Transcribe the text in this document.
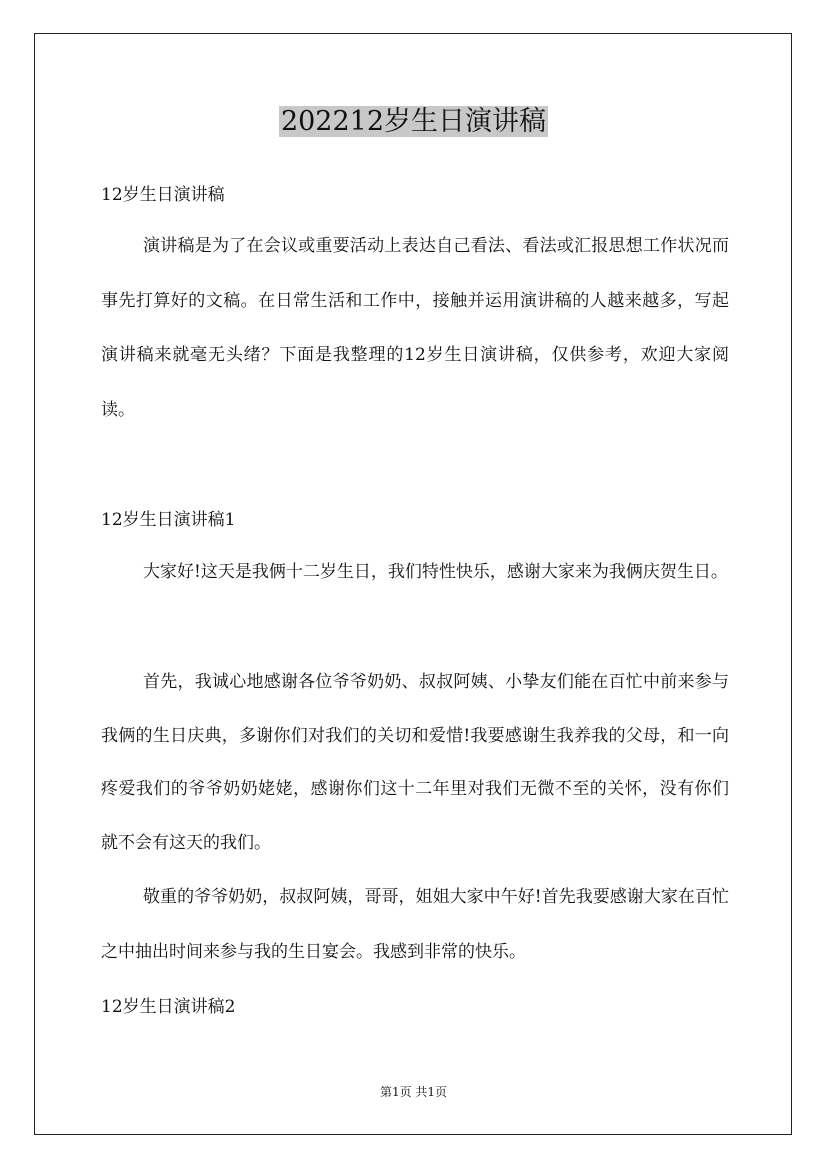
202212岁生日演讲稿
12岁生日演讲稿

演讲稿是为了在会议或重要活动上表达自己看法、看法或汇报思想工作状况而事先打算好的文稿。在日常生活和工作中，接触并运用演讲稿的人越来越多，写起演讲稿来就毫无头绪？下面是我整理的12岁生日演讲稿，仅供参考，欢迎大家阅读。

12岁生日演讲稿1

大家好!这天是我俩十二岁生日，我们特性快乐，感谢大家来为我俩庆贺生日。

首先，我诚心地感谢各位爷爷奶奶、叔叔阿姨、小挚友们能在百忙中前来参与我俩的生日庆典，多谢你们对我们的关切和爱惜!我要感谢生我养我的父母，和一向疼爱我们的爷爷奶奶姥姥，感谢你们这十二年里对我们无微不至的关怀，没有你们就不会有这天的我们。

敬重的爷爷奶奶，叔叔阿姨，哥哥，姐姐大家中午好!首先我要感谢大家在百忙之中抽出时间来参与我的生日宴会。我感到非常的快乐。

12岁生日演讲稿2
第1页 共1页
